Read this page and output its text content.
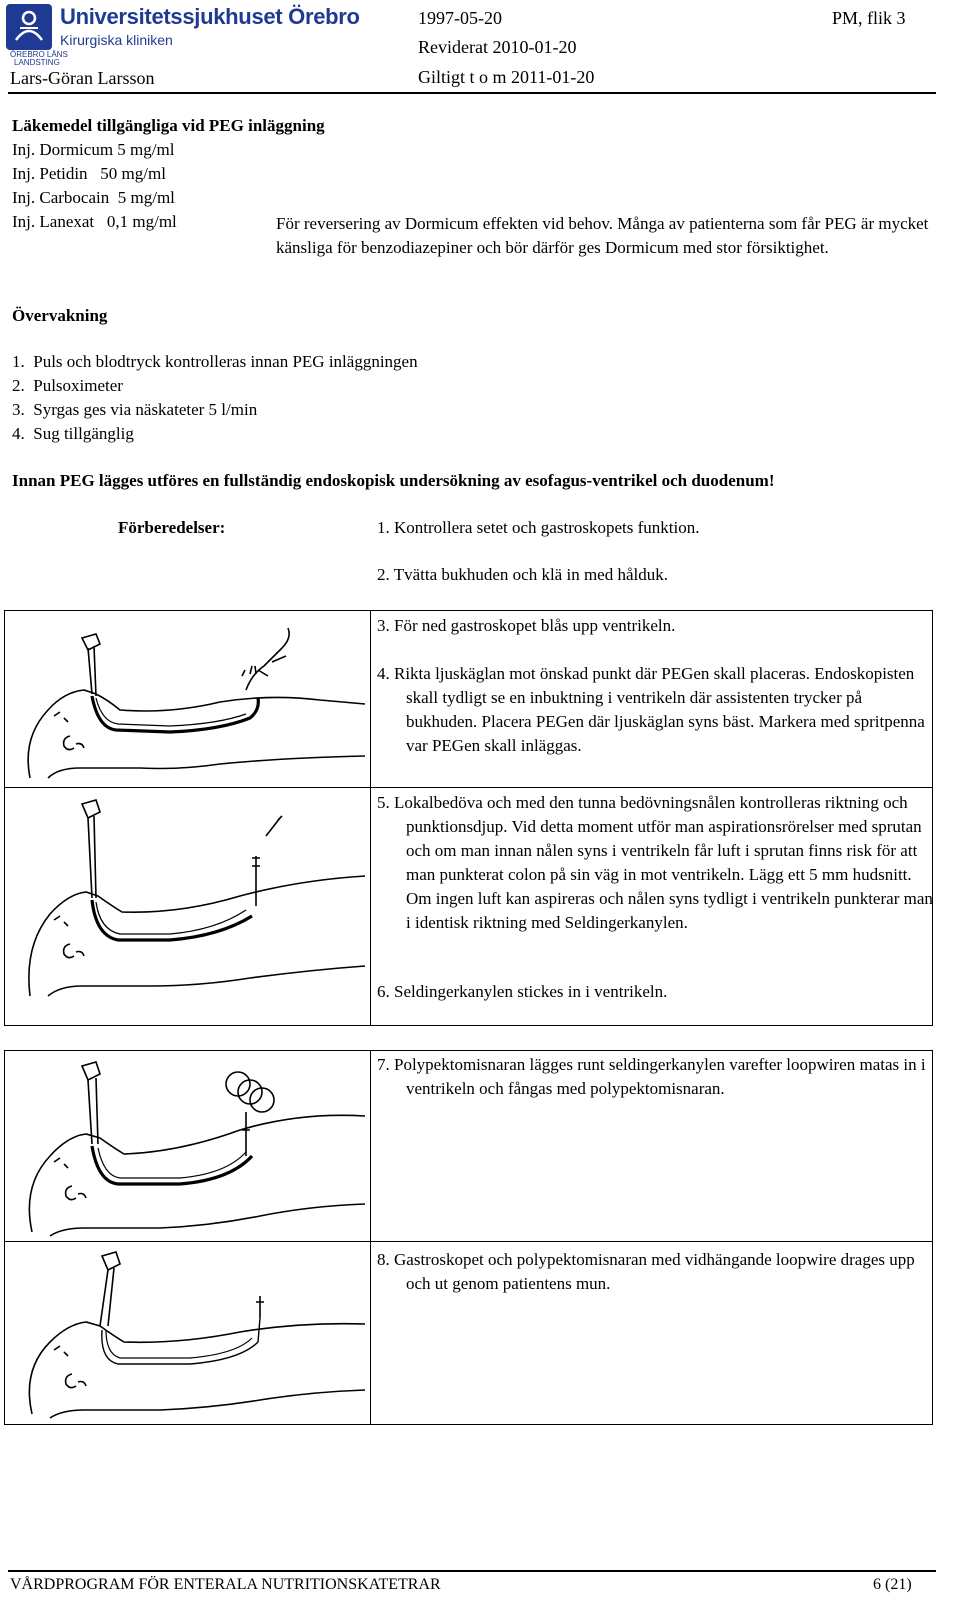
ÖREBRO LÄNS
LANDSTING
Universitetssjukhuset Örebro
Kirurgiska kliniken
1997-05-20	PM, flik 3
Reviderat 2010-01-20
Lars-Göran Larsson	Giltigt t o m 2011-01-20
Läkemedel tillgängliga vid PEG inläggning
Inj. Dormicum 5 mg/ml
Inj. Petidin   50 mg/ml
Inj. Carbocain  5 mg/ml
Inj. Lanexat   0,1 mg/ml	För reversering av Dormicum effekten vid behov. Många av patienterna som får PEG är mycket känsliga för benzodiazepiner och bör därför ges Dormicum med stor försiktighet.
Övervakning
1.  Puls och blodtryck kontrolleras innan PEG inläggningen
2.  Pulsoximeter
3.  Syrgas ges via näskateter 5 l/min
4.  Sug tillgänglig
Innan PEG lägges utföres en fullständig endoskopisk undersökning av esofagus-ventrikel och duodenum!
Förberedelser:	1. Kontrollera setet och gastroskopets funktion.
2. Tvätta bukhuden och klä in med hålduk.
3. För ned gastroskopet blås upp ventrikeln.
4. Rikta ljuskäglan mot önskad punkt där PEGen skall placeras. Endoskopisten skall tydligt se en inbuktning i ventrikeln där assistenten trycker på bukhuden. Placera PEGen där ljuskäglan syns bäst. Markera med spritpenna var PEGen skall inläggas.
5. Lokalbedöva och med den tunna bedövningsnålen kontrolleras riktning och punktionsdjup. Vid detta moment utför man aspirationsrörelser med sprutan och om man innan nålen syns i ventrikeln får luft i sprutan finns risk för att man punkterat colon på sin väg in mot ventrikeln. Lägg ett 5 mm hudsnitt. Om ingen luft kan aspireras och nålen syns tydligt i ventrikeln punkterar man i identisk riktning med Seldingerkanylen.
6. Seldingerkanylen stickes in i ventrikeln.
7. Polypektomisnaran lägges runt seldingerkanylen varefter loopwiren matas in i ventrikeln och fångas med polypektomisnaran.
8. Gastroskopet och polypektomisnaran med vidhängande loopwire drages upp och ut genom patientens mun.
VÅRDPROGRAM FÖR ENTERALA NUTRITIONSKATETRAR	6 (21)
